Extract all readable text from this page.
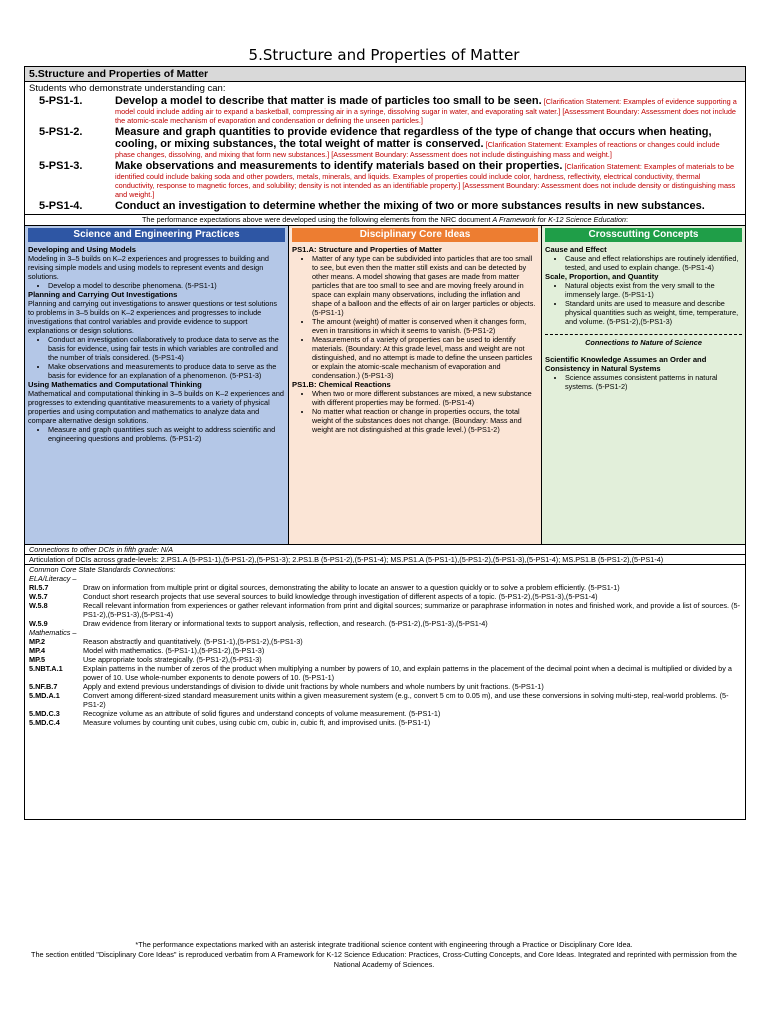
5.Structure and Properties of Matter
5.Structure and Properties of Matter
Students who demonstrate understanding can:
5-PS1-1.	Develop a model to describe that matter is made of particles too small to be seen. [Clarification Statement: Examples of evidence supporting a model could include adding air to expand a basketball, compressing air in a syringe, dissolving sugar in water, and evaporating salt water.] [Assessment Boundary: Assessment does not include the atomic-scale mechanism of evaporation and condensation or defining the unseen particles.]
5-PS1-2.	Measure and graph quantities to provide evidence that regardless of the type of change that occurs when heating, cooling, or mixing substances, the total weight of matter is conserved. [Clarification Statement: Examples of reactions or changes could include phase changes, dissolving, and mixing that form new substances.] [Assessment Boundary: Assessment does not include distinguishing mass and weight.]
5-PS1-3.	Make observations and measurements to identify materials based on their properties. [Clarification Statement: Examples of materials to be identified could include baking soda and other powders, metals, minerals, and liquids. Examples of properties could include color, hardness, reflectivity, electrical conductivity, thermal conductivity, response to magnetic forces, and solubility; density is not intended as an identifiable property.] [Assessment Boundary: Assessment does not include density or distinguishing mass and weight.]
5-PS1-4.	Conduct an investigation to determine whether the mixing of two or more substances results in new substances.
The performance expectations above were developed using the following elements from the NRC document A Framework for K-12 Science Education:
Science and Engineering Practices
Developing and Using Models
Modeling in 3–5 builds on K–2 experiences and progresses to building and revising simple models and using models to represent events and design solutions.
• Develop a model to describe phenomena. (5-PS1-1)
Planning and Carrying Out Investigations
Planning and carrying out investigations to answer questions or test solutions to problems in 3–5 builds on K–2 experiences and progresses to include investigations that control variables and provide evidence to support explanations or design solutions.
• Conduct an investigation collaboratively to produce data to serve as the basis for evidence, using fair tests in which variables are controlled and the number of trials considered. (5-PS1-4)
• Make observations and measurements to produce data to serve as the basis for evidence for an explanation of a phenomenon. (5-PS1-3)
Using Mathematics and Computational Thinking
Mathematical and computational thinking in 3–5 builds on K–2 experiences and progresses to extending quantitative measurements to a variety of physical properties and using computation and mathematics to analyze data and compare alternative design solutions.
• Measure and graph quantities such as weight to address scientific and engineering questions and problems. (5-PS1-2)
Disciplinary Core Ideas
PS1.A: Structure and Properties of Matter
• Matter of any type can be subdivided into particles that are too small to see, but even then the matter still exists and can be detected by other means. A model showing that gases are made from matter particles that are too small to see and are moving freely around in space can explain many observations, including the inflation and shape of a balloon and the effects of air on larger particles or objects. (5-PS1-1)
• The amount (weight) of matter is conserved when it changes form, even in transitions in which it seems to vanish. (5-PS1-2)
• Measurements of a variety of properties can be used to identify materials. (Boundary: At this grade level, mass and weight are not distinguished, and no attempt is made to define the unseen particles or explain the atomic-scale mechanism of evaporation and condensation.) (5-PS1-3)
PS1.B: Chemical Reactions
• When two or more different substances are mixed, a new substance with different properties may be formed. (5-PS1-4)
• No matter what reaction or change in properties occurs, the total weight of the substances does not change. (Boundary: Mass and weight are not distinguished at this grade level.) (5-PS1-2)
Crosscutting Concepts
Cause and Effect
• Cause and effect relationships are routinely identified, tested, and used to explain change. (5-PS1-4)
Scale, Proportion, and Quantity
• Natural objects exist from the very small to the immensely large. (5-PS1-1)
• Standard units are used to measure and describe physical quantities such as weight, time, temperature, and volume. (5-PS1-2),(5-PS1-3)
Connections to Nature of Science
Scientific Knowledge Assumes an Order and Consistency in Natural Systems
• Science assumes consistent patterns in natural systems. (5-PS1-2)
Connections to other DCIs in fifth grade: N/A
Articulation of DCIs across grade-levels: 2.PS1.A (5-PS1-1),(5-PS1-2),(5-PS1-3); 2.PS1.B (5-PS1-2),(5-PS1-4); MS.PS1.A (5-PS1-1),(5-PS1-2),(5-PS1-3),(5-PS1-4); MS.PS1.B (5-PS1-2),(5-PS1-4)
Common Core State Standards Connections:
ELA/Literacy –
RI.5.7	Draw on information from multiple print or digital sources, demonstrating the ability to locate an answer to a question quickly or to solve a problem efficiently. (5-PS1-1)
W.5.7	Conduct short research projects that use several sources to build knowledge through investigation of different aspects of a topic. (5-PS1-2),(5-PS1-3),(5-PS1-4)
W.5.8	Recall relevant information from experiences or gather relevant information from print and digital sources; summarize or paraphrase information in notes and finished work, and provide a list of sources. (5-PS1-2),(5-PS1-3),(5-PS1-4)
W.5.9	Draw evidence from literary or informational texts to support analysis, reflection, and research. (5-PS1-2),(5-PS1-3),(5-PS1-4)
Mathematics –
MP.2	Reason abstractly and quantitatively. (5-PS1-1),(5-PS1-2),(5-PS1-3)
MP.4	Model with mathematics. (5-PS1-1),(5-PS1-2),(5-PS1-3)
MP.5	Use appropriate tools strategically. (5-PS1-2),(5-PS1-3)
5.NBT.A.1	Explain patterns in the number of zeros of the product when multiplying a number by powers of 10, and explain patterns in the placement of the decimal point when a decimal is multiplied or divided by a power of 10. Use whole-number exponents to denote powers of 10. (5-PS1-1)
5.NF.B.7	Apply and extend previous understandings of division to divide unit fractions by whole numbers and whole numbers by unit fractions. (5-PS1-1)
5.MD.A.1	Convert among different-sized standard measurement units within a given measurement system (e.g., convert 5 cm to 0.05 m), and use these conversions in solving multi-step, real-world problems. (5-PS1-2)
5.MD.C.3	Recognize volume as an attribute of solid figures and understand concepts of volume measurement. (5-PS1-1)
5.MD.C.4	Measure volumes by counting unit cubes, using cubic cm, cubic in, cubic ft, and improvised units. (5-PS1-1)
*The performance expectations marked with an asterisk integrate traditional science content with engineering through a Practice or Disciplinary Core Idea.
The section entitled "Disciplinary Core Ideas" is reproduced verbatim from A Framework for K-12 Science Education: Practices, Cross-Cutting Concepts, and Core Ideas. Integrated and reprinted with permission from the National Academy of Sciences.
